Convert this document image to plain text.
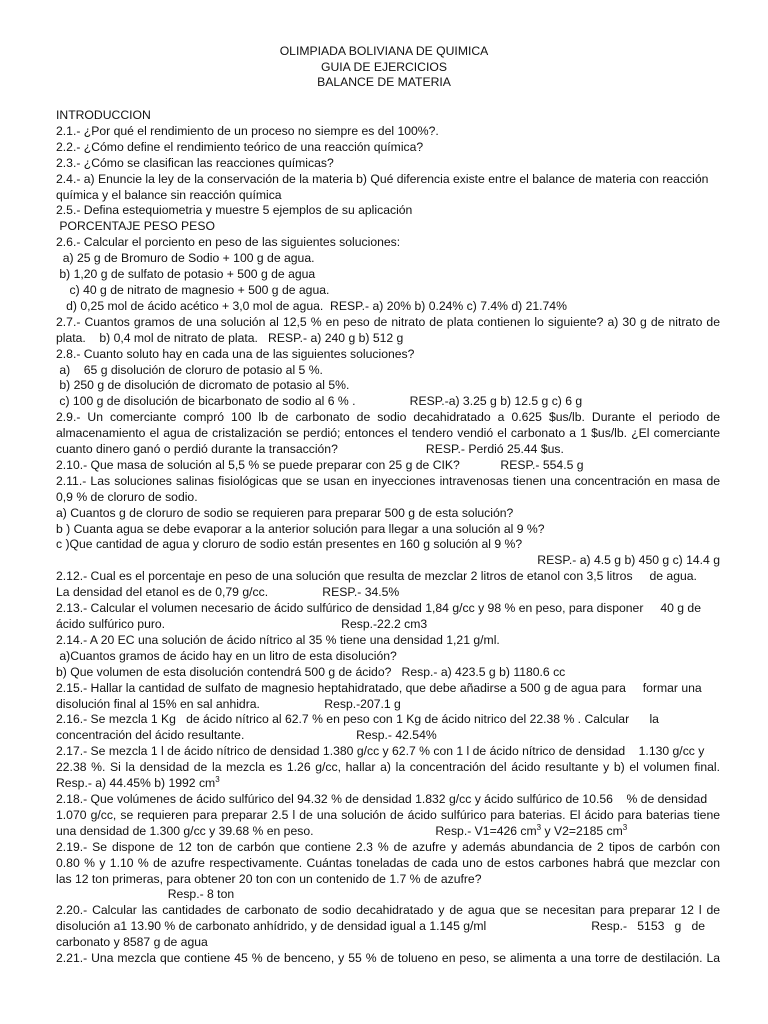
OLIMPIADA BOLIVIANA DE QUIMICA
GUIA DE EJERCICIOS
BALANCE DE MATERIA
INTRODUCCION
2.1.- ¿Por qué el rendimiento de un proceso no siempre es del 100%?.
2.2.- ¿Cómo define el rendimiento teórico de una reacción química?
2.3.- ¿Cómo se clasifican las reacciones químicas?
2.4.- a) Enuncie la ley de la conservación de la materia b) Qué diferencia existe entre el balance de materia con reacción
química y el balance sin reacción química
2.5.- Defina estequiometria y muestre 5 ejemplos de su aplicación
PORCENTAJE PESO PESO
2.6.- Calcular el porciento en peso de las siguientes soluciones:
a) 25 g de Bromuro de Sodio + 100 g de agua.
b) 1,20 g de sulfato de potasio + 500 g de agua
c) 40 g de nitrato de magnesio + 500 g de agua.
d) 0,25 mol de ácido acético + 3,0 mol de agua.  RESP.- a) 20% b) 0.24% c) 7.4% d) 21.74%
2.7.- Cuantos gramos de una solución al 12,5 % en peso de nitrato de plata contienen lo siguiente? a) 30 g de nitrato de
plata.    b) 0,4 mol de nitrato de plata.   RESP.- a) 240 g b) 512 g
2.8.- Cuanto soluto hay en cada una de las siguientes soluciones?
a)    65 g disolución de cloruro de potasio al 5 %.
b) 250 g de disolución de dicromato de potasio al 5%.
c) 100 g de disolución de bicarbonato de sodio al 6 % .                RESP.-a) 3.25 g b) 12.5 g c) 6 g
2.9.- Un comerciante compró 100 lb de carbonato de sodio decahidratado a 0.625 $us/lb. Durante el periodo de
almacenamiento el agua de cristalización se perdió; entonces el tendero vendió el carbonato a 1 $us/lb. ¿El comerciante
cuanto dinero ganó o perdió durante la transacción?                          RESP.- Perdió 25.44 $us.
2.10.- Que masa de solución al 5,5 % se puede preparar con 25 g de CIK?            RESP.- 554.5 g
2.11.- Las soluciones salinas fisiológicas que se usan en inyecciones intravenosas tienen una concentración en masa de
0,9 % de cloruro de sodio.
a) Cuantos g de cloruro de sodio se requieren para preparar 500 g de esta solución?
b ) Cuanta agua se debe evaporar a la anterior solución para llegar a una solución al 9 %?
c )Que cantidad de agua y cloruro de sodio están presentes en 160 g solución al 9 %?
RESP.- a) 4.5 g b) 450 g c) 14.4 g
2.12.- Cual es el porcentaje en peso de una solución que resulta de mezclar 2 litros de etanol con 3,5 litros     de agua.
La densidad del etanol es de 0,79 g/cc.                RESP.- 34.5%
2.13.- Calcular el volumen necesario de ácido sulfúrico de densidad 1,84 g/cc y 98 % en peso, para disponer     40 g de
ácido sulfúrico puro.                                                    Resp.-22.2 cm3
2.14.- A 20 EC una solución de ácido nítrico al 35 % tiene una densidad 1,21 g/ml.
a)Cuantos gramos de ácido hay en un litro de esta disolución?
b) Que volumen de esta disolución contendrá 500 g de ácido?   Resp.- a) 423.5 g b) 1180.6 cc
2.15.- Hallar la cantidad de sulfato de magnesio heptahidratado, que debe añadirse a 500 g de agua para     formar una
disolución final al 15% en sal anhidra.                   Resp.-207.1 g
2.16.- Se mezcla 1 Kg   de ácido nítrico al 62.7 % en peso con 1 Kg de ácido nitrico del 22.38 % . Calcular      la
concentración del ácido resultante.                                 Resp.- 42.54%
2.17.- Se mezcla 1 l de ácido nítrico de densidad 1.380 g/cc y 62.7 % con 1 l de ácido nítrico de densidad    1.130 g/cc y
22.38 %. Si la densidad de la mezcla es 1.26 g/cc, hallar a) la concentración del ácido resultante y b) el volumen final.
Resp.- a) 44.45% b) 1992 $cm^3$
2.18.- Que volúmenes de ácido sulfúrico del 94.32 % de densidad 1.832 g/cc y ácido sulfúrico de 10.56    % de densidad
1.070 g/cc, se requieren para preparar 2.5 l de una solución de ácido sulfúrico para baterias. El ácido para baterias tiene
una densidad de 1.300 g/cc y 39.68 % en peso.                                    Resp.- V1=426 $cm^3$ y V2=2185 $cm^3$
2.19.- Se dispone de 12 ton de carbón que contiene 2.3 % de azufre y además abundancia de 2 tipos de carbón con
0.80 % y 1.10 % de azufre respectivamente. Cuántas toneladas de cada uno de estos carbones habrá que mezclar con
las 12 ton primeras, para obtener 20 ton con un contenido de 1.7 % de azufre?
Resp.- 8 ton
2.20.- Calcular las cantidades de carbonato de sodio decahidratado y de agua que se necesitan para preparar 12 l de
disolución a1 13.90 % de carbonato anhídrido, y de densidad igual a 1.145 g/ml                               Resp.-   5153   g   de
carbonato y 8587 g de agua
2.21.- Una mezcla que contiene 45 % de benceno, y 55 % de tolueno en peso, se alimenta a una torre de destilación. La
